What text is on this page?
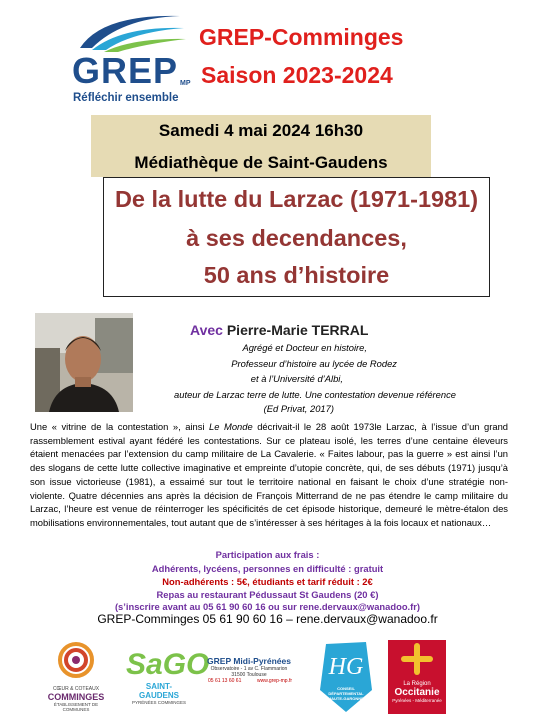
GREP MP
Réfléchir ensemble
GREP-Comminges
Saison 2023-2024
Samedi 4 mai 2024 16h30
Médiathèque de Saint-Gaudens
De la lutte du Larzac (1971-1981)
à ses decendances,
50 ans d’histoire
Avec Pierre-Marie TERRAL
Agrégé et Docteur en histoire,
Professeur d’histoire au lycée de Rodez
et à l’Université d’Albi,
auteur de Larzac terre de lutte. Une contestation devenue référence
(Ed Privat, 2017)
Une « vitrine de la contestation », ainsi Le Monde décrivait-il le 28 août 1973le Larzac, à l’issue d’un grand rassemblement estival ayant fédéré les contestations. Sur ce plateau isolé, les terres d’une centaine éleveurs étaient menacées par l’extension du camp militaire de La Cavalerie. « Faites labour, pas la guerre » est ainsi l’un des slogans de cette lutte collective imaginative et empreinte d’utopie concrète, qui, de ses débuts (1971) jusqu’à son issue victorieuse (1981), a essaimé sur tout le territoire national en faisant le choix d’une stratégie non-violente. Quatre décennies ans après la décision de François Mitterrand de ne pas étendre le camp militaire du Larzac, l’heure est venue de réinterroger les spécificités de cet épisode historique, demeuré le mètre-étalon des mobilisations environnementales, tout autant que de s’intéresser à ses héritages à la fois locaux et nationaux…
Participation aux frais :
Adhérents, lycéens, personnes en difficulté : gratuit
Non-adhérents : 5€, étudiants et tarif réduit : 2€
Repas au restaurant Pédussaut St Gaudens (20 €)
(s’inscrire avant au 05 61 90 60 16 ou sur rene.dervaux@wanadoo.fr)
GREP-Comminges 05 61 90 60 16 – rene.dervaux@wanadoo.fr
CŒUR & COTEAUX
COMMINGES
ÉTABLISSEMENT DE COMMUNES
SaGO
SAINT-GAUDENS
PYRÉNÉES COMMINGES
GREP Midi-Pyrénées
Observatoire - 1 av C. Flammarion
31500 Toulouse
05 61 13 60 61	www.grep-mp.fr
HG
CONSEIL DÉPARTEMENTAL HAUTE-GARONNE
La Région
Occitanie
Pyrénées - Méditerranée
